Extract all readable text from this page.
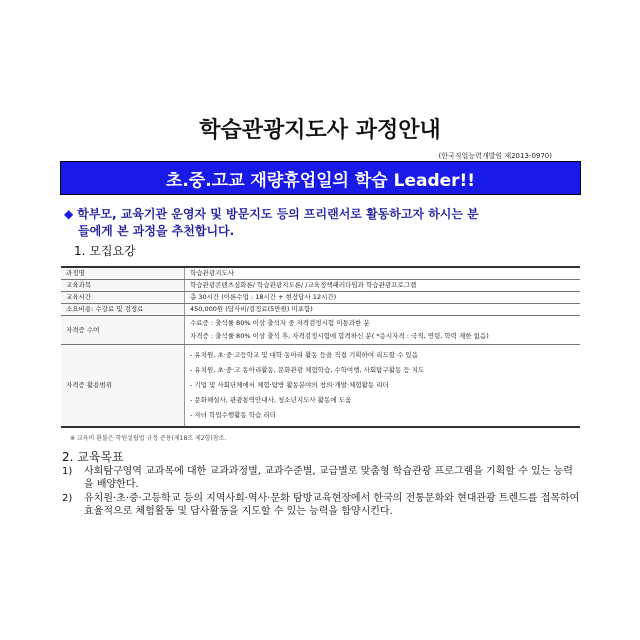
학습관광지도사 과정안내
(한국직업능력개발원 제2013-0970)
초.중.고교 재량휴업일의 학습 Leader!!
◆ 학부모, 교육기관 운영자 및 방문지도 등의 프리랜서로 활동하고자 하시는 분
들에게 본 과정을 추천합니다.
1. 모집요강
과정명	학습관광지도사
교육과목	학습관광콘텐츠심화론/ 학습관광지도론/ /교육정책패러다임과 학습관광프로그램
교육시간	총 30시간 (이론수업 : 18시간 + 현장답사 12시간)
소요비용: 수강료 및 검정료	450,000원 (답사비/검정료(5만원) 미포함)
자격증 수여	수료증 : 출석률 80% 이상 출석자 중 자격검정시험 미통과한 분
자격증 : 출석률 80% 이상 출석 후, 자격검정시험에 합격하신 분( *응시자격 : 국적, 연령, 학력 제한 없음)

자격증 활용범위	- 유치원, 초·중·고등학교 및 대학 동아리 활동 등을 직접 기획하여 리드할 수 있음
- 유치원, 초·중·고 동아리활동, 문화관광 체험학습, 수학여행, 사회탐구활동 등 지도
- 기업 및 사회단체에서 체험·탐방 활동분야의 창의·개발·체험활동 리더
- 문화해설사, 관광통역안내사, 청소년지도사 활동에 도움
- 자녀 학업수행활동 학습 리더
※ 교육비 환불은 학원설립법 규정 준용(제18조 제2항)참조.
2. 교육목표
1)	사회탐구영역 교과목에 대한 교과과정별, 교과수준별, 교급별로 맞춤형 학습관광 프로그램을 기획할 수 있는 능력을 배양한다.
2)	유치원·초·중·고등학교 등의 지역사회·역사·문화 탐방교육현장에서 한국의 전통문화와 현대관광 트렌드를 접목하여 효율적으로 체험활동 및 답사활동을 지도할 수 있는 능력을 함양시킨다.
